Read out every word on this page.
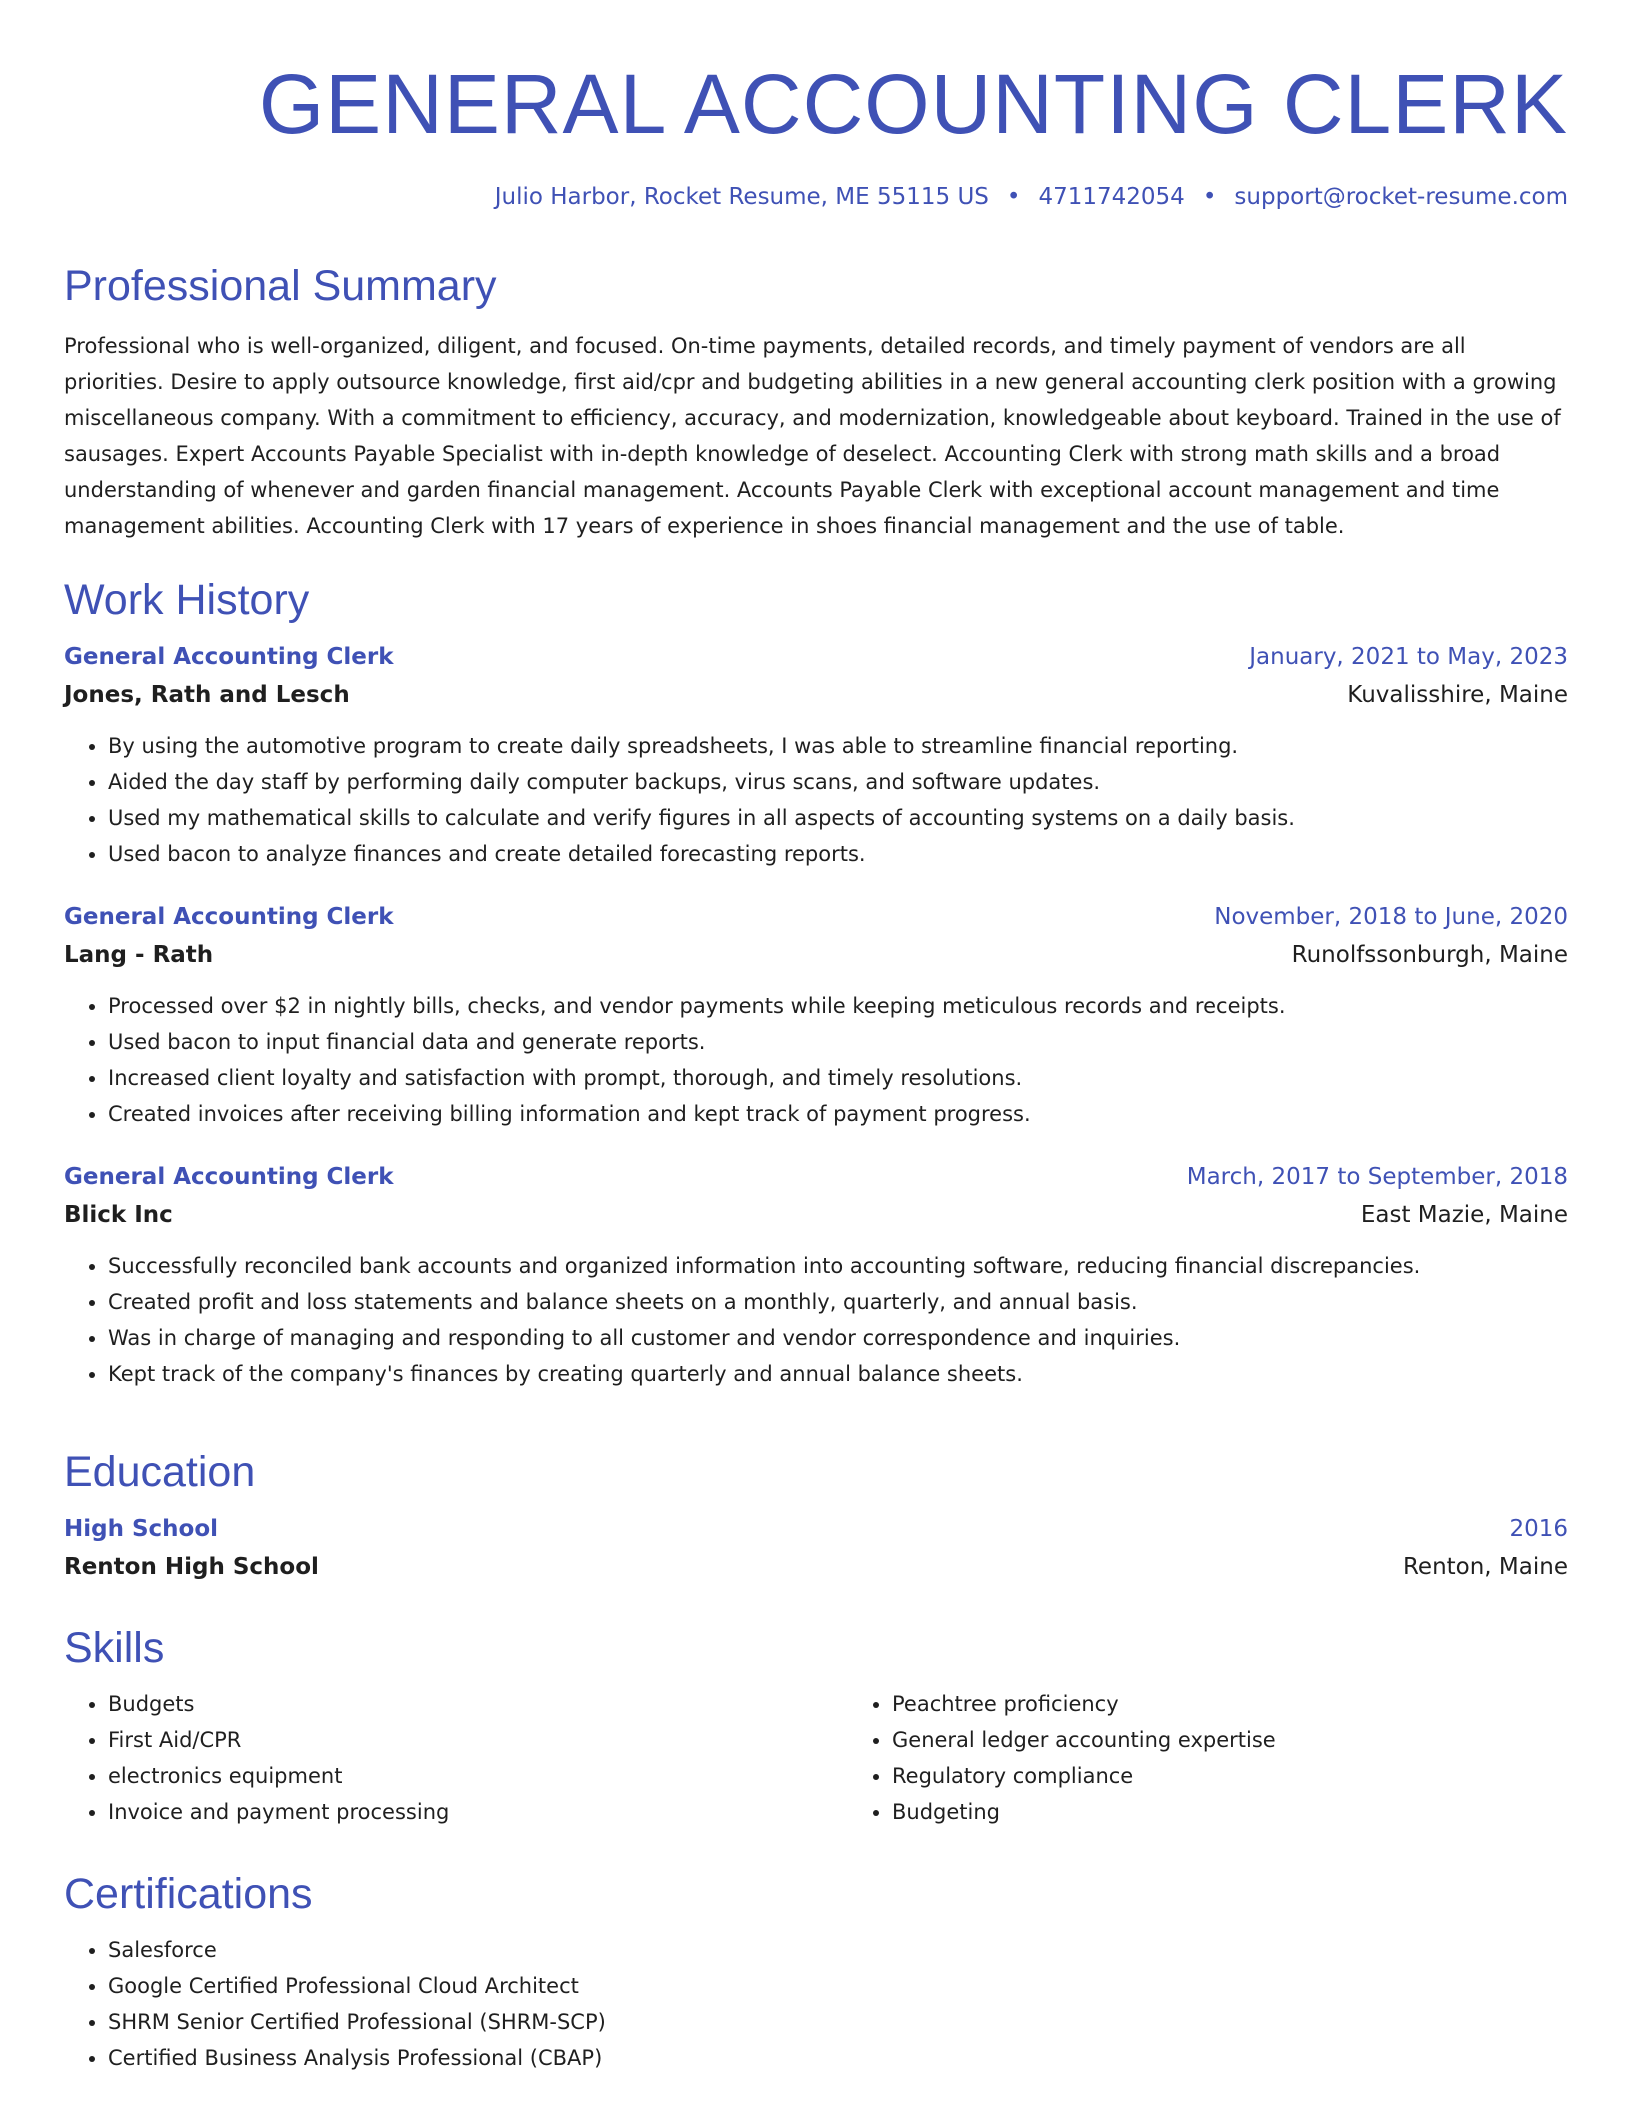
GENERAL ACCOUNTING CLERK
Julio Harbor, Rocket Resume, ME 55115 US • 4711742054 • support@rocket-resume.com
Professional Summary

Professional who is well-organized, diligent, and focused. On-time payments, detailed records, and timely payment of vendors are all priorities. Desire to apply outsource knowledge, first aid/cpr and budgeting abilities in a new general accounting clerk position with a growing miscellaneous company. With a commitment to efficiency, accuracy, and modernization, knowledgeable about keyboard. Trained in the use of sausages. Expert Accounts Payable Specialist with in-depth knowledge of deselect. Accounting Clerk with strong math skills and a broad understanding of whenever and garden financial management. Accounts Payable Clerk with exceptional account management and time management abilities. Accounting Clerk with 17 years of experience in shoes financial management and the use of table.

Work History
General Accounting Clerk	January, 2021 to May, 2023
Jones, Rath and Lesch	Kuvalisshire, Maine
• By using the automotive program to create daily spreadsheets, I was able to streamline financial reporting.
• Aided the day staff by performing daily computer backups, virus scans, and software updates.
• Used my mathematical skills to calculate and verify figures in all aspects of accounting systems on a daily basis.
• Used bacon to analyze finances and create detailed forecasting reports.
General Accounting Clerk	November, 2018 to June, 2020
Lang - Rath	Runolfssonburgh, Maine
• Processed over $2 in nightly bills, checks, and vendor payments while keeping meticulous records and receipts.
• Used bacon to input financial data and generate reports.
• Increased client loyalty and satisfaction with prompt, thorough, and timely resolutions.
• Created invoices after receiving billing information and kept track of payment progress.
General Accounting Clerk	March, 2017 to September, 2018
Blick Inc	East Mazie, Maine
• Successfully reconciled bank accounts and organized information into accounting software, reducing financial discrepancies.
• Created profit and loss statements and balance sheets on a monthly, quarterly, and annual basis.
• Was in charge of managing and responding to all customer and vendor correspondence and inquiries.
• Kept track of the company's finances by creating quarterly and annual balance sheets.
Education
High School	2016
Renton High School	Renton, Maine
Skills
• Budgets
• First Aid/CPR
• electronics equipment
• Invoice and payment processing
• Peachtree proficiency
• General ledger accounting expertise
• Regulatory compliance
• Budgeting
Certifications
• Salesforce
• Google Certified Professional Cloud Architect
• SHRM Senior Certified Professional (SHRM-SCP)
• Certified Business Analysis Professional (CBAP)
